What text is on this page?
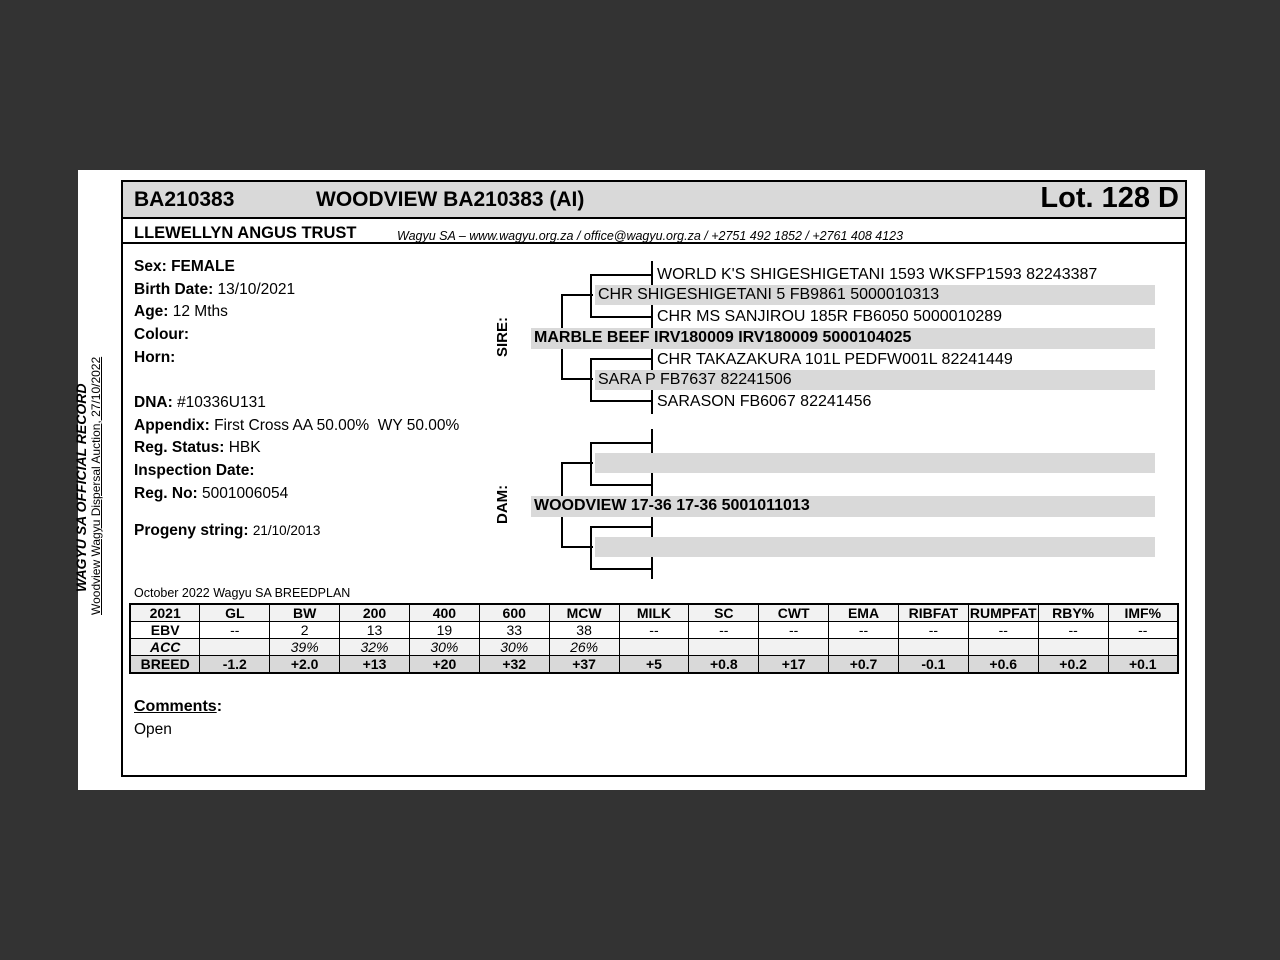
WAGYU SA OFFICIAL RECORD Woodview Wagyu Dispersal Auction, 27/10/2022
BA210383	WOODVIEW BA210383 (AI)	Lot. 128 D
LLEWELLYN ANGUS TRUST	Wagyu SA – www.wagyu.org.za / office@wagyu.org.za / +2751 492 1852 / +2761 408 4123
Sex: FEMALE
Birth Date: 13/10/2021
Age: 12 Mths
Colour:
Horn:
DNA: #10336U131
Appendix: First Cross AA 50.00%  WY 50.00%
Reg. Status: HBK
Inspection Date:
Reg. No: 5001006054
Progeny string: 21/10/2013
SIRE:
WORLD K'S SHIGESHIGETANI 1593 WKSFP1593 82243387
CHR SHIGESHIGETANI 5 FB9861 5000010313
CHR MS SANJIROU 185R FB6050 5000010289
MARBLE BEEF IRV180009 IRV180009 5000104025
CHR TAKAZAKURA 101L PEDFW001L 82241449
SARA P FB7637 82241506
SARASON FB6067 82241456
DAM: WOODVIEW 17-36 17-36 5001011013
October 2022 Wagyu SA BREEDPLAN
2021	GL	BW	200	400	600	MCW	MILK	SC	CWT	EMA	RIBFAT	RUMPFAT	RBY%	IMF%
EBV	--	2	13	19	33	38	--	--	--	--	--	--	--	--
ACC		39%	32%	30%	30%	26%								
BREED	-1.2	+2.0	+13	+20	+32	+37	+5	+0.8	+17	+0.7	-0.1	+0.6	+0.2	+0.1
Comments:
Open
